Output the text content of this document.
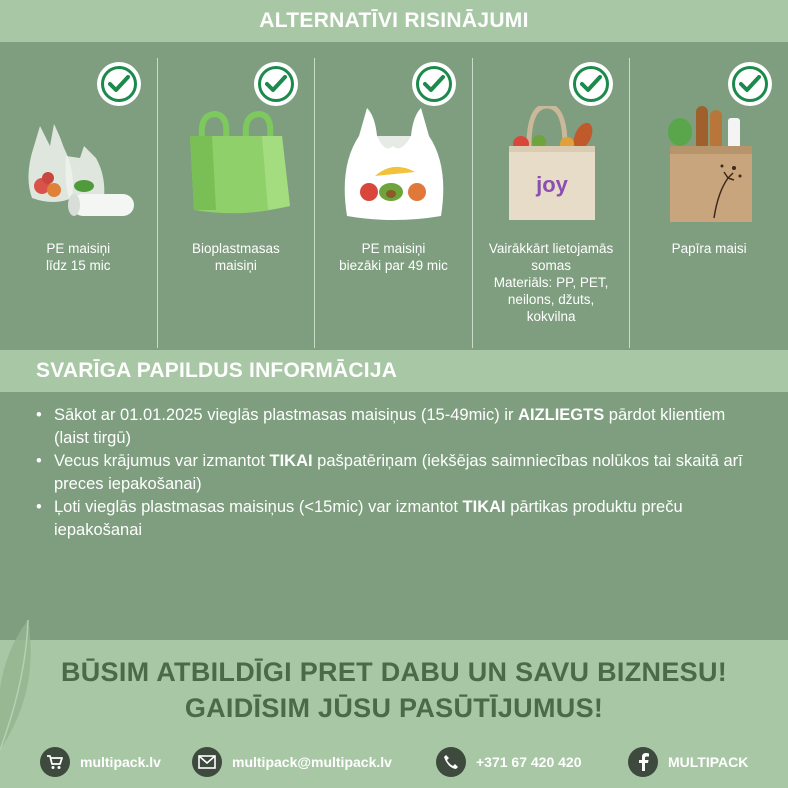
ALTERNATĪVI RISINĀJUMI
PE maisiņi
līdz 15 mic
Bioplastmasas
maisiņi
PE maisiņi
biezāki par 49 mic
joy
Vairākkārt lietojamās
somas
Materiāls: PP, PET,
neilons, džuts,
kokvilna
Papīra maisi
SVARĪGA PAPILDUS INFORMĀCIJA
• Sākot ar 01.01.2025 vieglās plastmasas maisiņus (15-49mic) ir AIZLIEGTS pārdot klientiem (laist tirgū)
• Vecus krājumus var izmantot TIKAI pašpatēriņam (iekšējas saimniecības nolūkos tai skaitā arī preces iepakošanai)
• Ļoti vieglās plastmasas maisiņus (<15mic) var izmantot TIKAI pārtikas produktu preču iepakošanai
BŪSIM ATBILDĪGI PRET DABU UN SAVU BIZNESU!
GAIDĪSIM JŪSU PASŪTĪJUMUS!
multipack.lv	multipack@multipack.lv	+371 67 420 420	MULTIPACK
